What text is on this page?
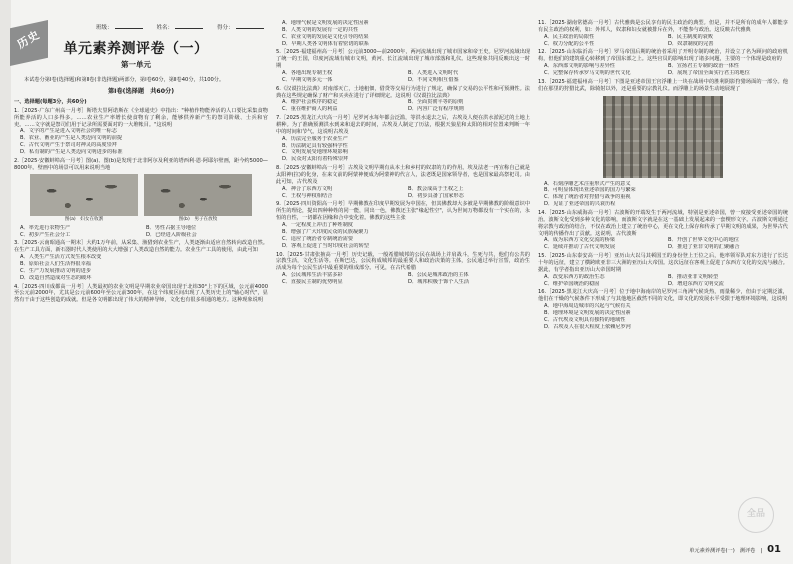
历史	班级：	姓名：	得分：
单元素养测评卷（一）
第一单元

本试卷分第Ⅰ卷(选择题)和第Ⅱ卷(非选择题)两部分，第Ⅰ卷60分，第Ⅱ卷40分，共100分。

第Ⅰ卷(选择题　共60分)
一、选择题(每题3分，共60分)

1.［2025·广东广州高一月考］斯塔夫里阿诺斯在《全球通史》中指出："种植作物能养活的人口要比采集食物所能养活的人口多得多。……农业生产率增长使食物有了剩余，能够供养新产生的祭司阶级、士兵和官吏。……文字就是祭司们用于记录所需要面对的一大堆帐目。"这说明

A．文字的产生是进入文明社会的唯一标志
B．农业、畜业的产生是人类迈向文明的前提
C．古代文明产生于祭司对神灵的高度崇拜
D．私有制的产生是人类迈向文明进步的标准

2.［2025·安徽蚌埠高一月考］图(a)、图(b)是发现于北非阿尔及利亚的塔西利·恩·阿耶尔壁画，距今约5000—8000年。壁画中的场景可以用来说明当地

图(a)　妇女在收割	图(b)　男子在放牧
A．率先进行农物生产	B．男性占据主导地位
C．初步产生社会分工	D．已经进入阶级社会

3.［2025·云南昭通高一期末］大约1万年前，从采集、渔猎到农业生产，人类逐渐由适应自然转向改造自然。在生产工具方面，新石器时代人类使用的大大增强了人类改造自然的能力。农业生产工具的使用，由此可知

A．人类生产生活方式发生根本改变
B．原始社会人们生活得很幸福
C．生产力发展推动文明的进步
D．改造自然造成对生态的破坏

4.［2025·四川成都高一月考］人类最初的农业文明是早期农业帝国出现于北纬30°上下的区域，公元前4000至公元前2000年，尤其是公元前600年至公元前300年，在这个纬度区间出现了人类历史上的"轴心时代"，显然有干由于这些创造的成就。但是各文明都出现了伟大的精神导师，文化也有很多相通的地方。这种现象说明

A．地理气候是文明发展的决定性因素
B．人类文明的发展有一定的共性
C．农业文明的发展是文化引导的结果
D．早期人类各文明体有着密切的联系

5.［2025·福建福州高一月考］公元前3000—前2000年，两河流域出现了城市国家和帝王史。尼罗河流域出现了统一的王国，印度河流域有城市文明，黄河、长江流域出现了城市部落和礼仪。这些现象共同反映出这一时期

A．各地出现专制王权	B．人类进入文明时代
C．早期文明多元一体	D．不同文明相互借鉴

6.《汉谟拉比法典》对南部灭亡，土地租佃，借贷等交易行为进行了规定，确保了交易的公平性和可预测性。法典在这些规定确保了财产和买卖在进行了详细规定。这说明《汉谟拉比法典》

A．维护社会秩序的稳定	B．全面贯彻平等的原则
C．重在维护商人的利益	D．内容广泛有程序规则

7.［2025·黑龙江大庆高一月考］尼罗河水每年都会泛滥，等洪水退去之后，古埃及人便在洪水淤泥过的土地上耕种。为了准确预测洪水到来和退去的时间，古埃及人制定了历法，根据天狼星和太阳的相对位置来判断一年中的时间和节气。这说明古埃及

A．历法完全服务于农业生产
B．历法制定具有较强科学性
C．文明发展受地理环境影响
D．民众对太阳有着特殊崇拜

8.［2025·安徽蚌埠高一月考］古埃及文明早期有从本土和乡村的奴隶的力的作用。埃及法老一再宣称自己就是太阳神(拉)的化身，在来文前的阿蒙神便成为阿蒙神的代言人，法老既是国家领导者，也是国家最高祭祀司。由此可知，古代埃及

A．神合了东西方文明	B．教会成高于王权之上
C．王权与神权相结合	D．初步具备了国家形态

9.［2025·四川资阳高一月考］早期佛教在印度早期发展为中国在，但其佛教却大多被是早期佛教的阶级意识中所生的理论，提出四种种姓的同一能，同出一色，佛教还主张"缘起性空"，认为世间万物都没有一个实在的，永恒的自性，一切都在因缘和合中变化着。佛教的这些主张

A．一定程度上冲击了种姓制度
B．增强了广大印度民众的民族凝聚力
C．适应了统治者专制统治需要
D．客观上促进了当时印度社会的转型

10.［2025·甘肃张掖高一月考］历史记载，一般希腊城邦的公民在战场上并肩战斗，生死与共，他们有公共的宗教生活，文化生活等。在斯巴达，公民构成城邦的最重要人和政治决策的主体，公民通过举行宣誓，政治生活成为每个公民生活中最重要的组成部分。可见，在古代希腊

A．公民城邦生活丰富多彩	B．公民是城邦政治的主体
C．直接民主制的优势明显	D．城邦积极于饰个人生活

11.［2025·湖南常德高一月考］古代雅典是公民享有的民主政治的典型。但是，并不是所有的成年人都能享有民主政治的权利，如：外邦人，奴隶和妇女就被排斥在外，不能参与政治。这反映古代雅典

A．民主政治的局限性	B．民主制度的衰败
C．权力分配的公平性	D．奴隶制度的完善

12.［2025·山东临沂高一月考］罗马帝国后期的统治者采用了开明专制的统治，并设立了名为顾问的政府机构，但他们的建筑重心转移到了帝国东部之上。这些官员的影响出现了诸多问题，主要的一个体现是政府的

A．东西部文明的影响与差异性	B．宣扬君主专制的政治一体性
C．完整保存传承罗马文明的世代文化	D．展现了帝国全面实行君主的地位

13.［2025·福建福州高一月考］下图是亚述帝国王宫浮雕上一块在战场中的胜利阴影狩猎场面的一部分。他们在那里的狩猎比武，除骑射以外，还是重要的宗教礼仪。而浮雕上的场景生动地展现了

A．石刻浮雕艺术注重形式产生的意义
B．可明显体现出亚述帝国的国力与繁荣
C．体现了统治者对狩猎与战争的重视
D．见证了亚述帝国的兴衰历程

14.［2025·山东威海高一月考］古波斯的开端发生于两河流域，特别是亚述帝国，曾一度接受亚述帝国的统治。波斯文化受到多种文化的影响，而波斯文字就是在这一基础上发展起来的一套楔形文字。古波斯文明通过将宗教与政治的结合，不仅在政治上建立了统治中心，更在文化上保存和传承了早期文明的成果，为世界古代文明的传播作出了贡献。这说明，古代波斯

A．成为东西方文化交流的桥梁	B．开创了世界文化中心的地位
C．延续并推动了古代文明发展	D．推进了亚非文明的汇聚融合

15.［2025·山东泰安高一月考］亚历山大以马其顿国王的身份登上王位之后，他率领军队对东方进行了长达十年的远征，建立了横跨欧亚非三大洲的亚历山大帝国。这次远征在客观上促进了东西方文化的交流与融合。据此，有学者指出亚历山大帝国时期

A．改变东西方的政治生态	B．推动亚非文明转型
C．维护帝国统治的稳固	D．增进东西方文明交流

16.［2025·黑龙江大庆高一月考］位于地中海南岸的尼罗河三角洲气候炎热，雨量稀少，但由于定期泛滥，他们在干燥的气候条件下形成了与其他地区截然不同的文化，即文化的发展水平受限于地理环境影响，这说明

A．地中海周边城市的兴起与气候有关
B．地理环境是文明发展的决定性因素
C．古代埃及文明具有独特的地域性
D．古埃及人在很大程度上依赖尼罗河
全品
单元素养测评卷(一) 测评卷 | 01
